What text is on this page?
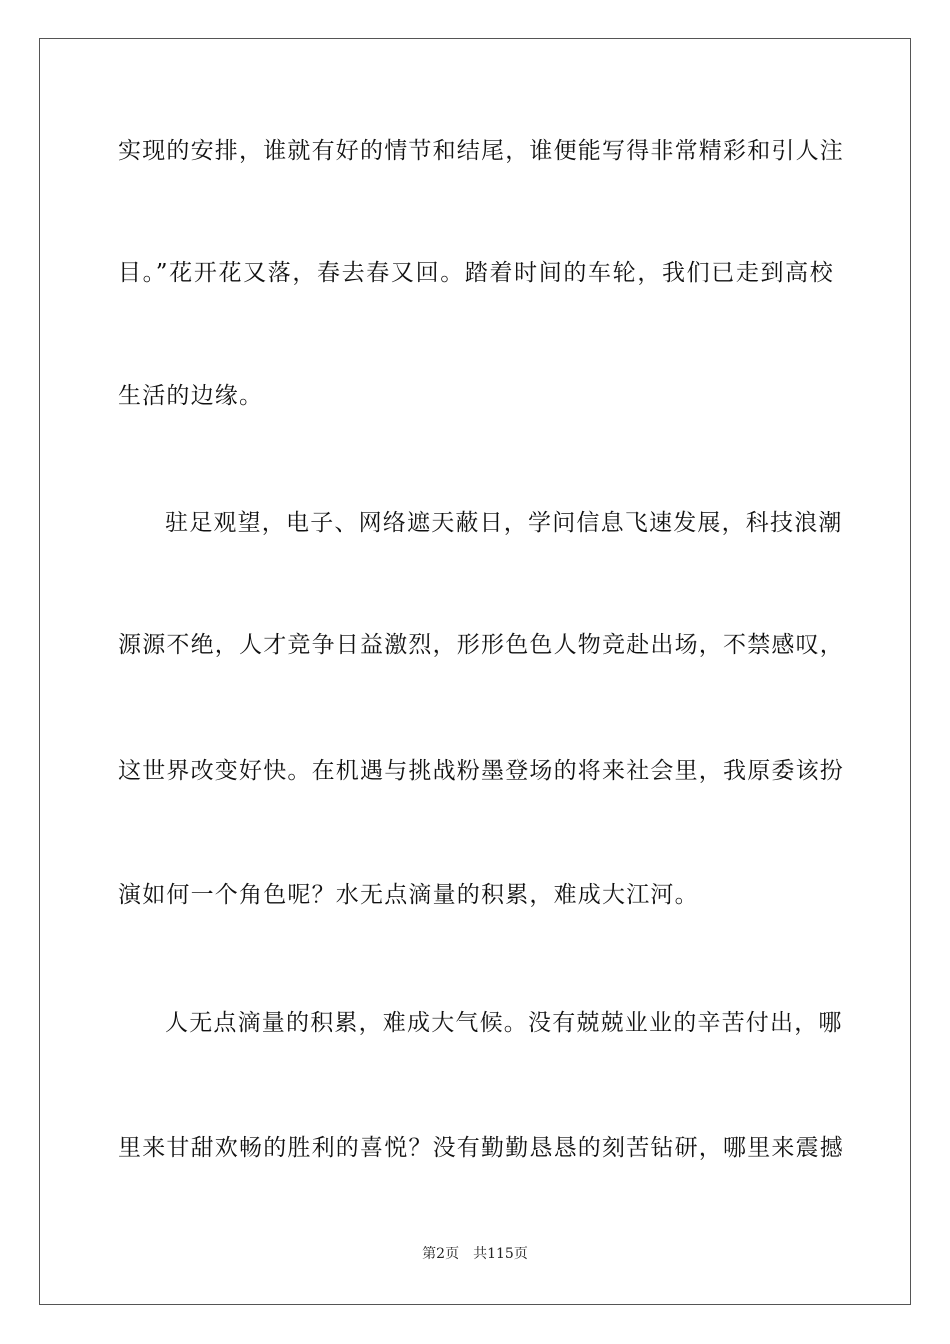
实现的安排，谁就有好的情节和结尾，谁便能写得非常精彩和引人注
目。”花开花又落，春去春又回。踏着时间的车轮，我们已走到高校
生活的边缘。
驻足观望，电子、网络遮天蔽日，学问信息飞速发展，科技浪潮
源源不绝，人才竞争日益激烈，形形色色人物竞赴出场，不禁感叹，
这世界改变好快。在机遇与挑战粉墨登场的将来社会里，我原委该扮
演如何一个角色呢？水无点滴量的积累，难成大江河。
人无点滴量的积累，难成大气候。没有兢兢业业的辛苦付出，哪
里来甘甜欢畅的胜利的喜悦？没有勤勤恳恳的刻苦钻研，哪里来震撼
第2页 共115页
